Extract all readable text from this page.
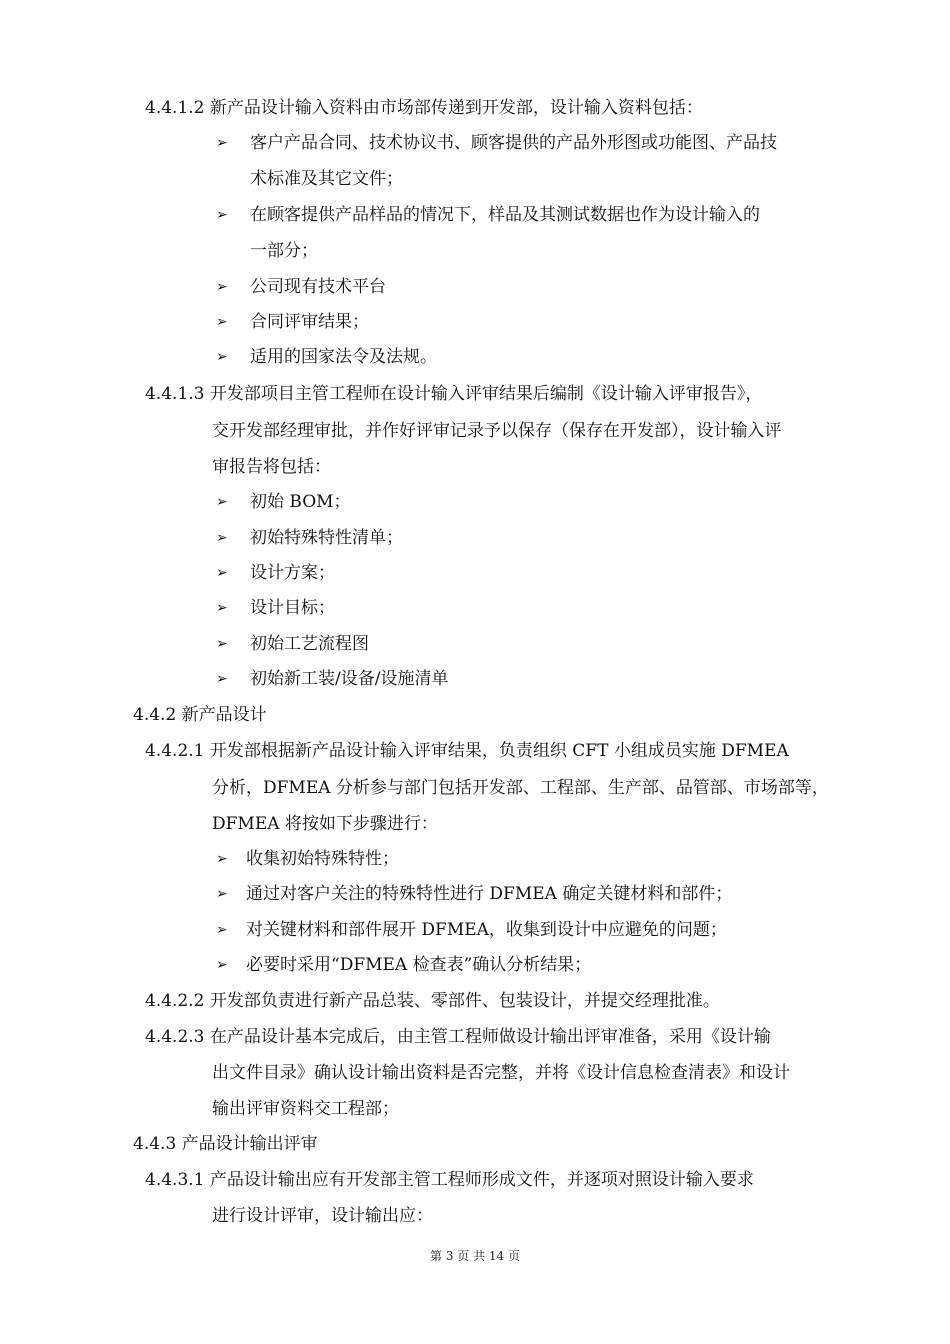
4.4.1.2 新产品设计输入资料由市场部传递到开发部，设计输入资料包括：
➢ 客户产品合同、技术协议书、顾客提供的产品外形图或功能图、产品技
术标准及其它文件；
➢ 在顾客提供产品样品的情况下，样品及其测试数据也作为设计输入的
一部分；
➢ 公司现有技术平台
➢ 合同评审结果；
➢ 适用的国家法令及法规。
4.4.1.3 开发部项目主管工程师在设计输入评审结果后编制《设计输入评审报告》，
交开发部经理审批，并作好评审记录予以保存（保存在开发部），设计输入评
审报告将包括：
➢ 初始 BOM；
➢ 初始特殊特性清单；
➢ 设计方案；
➢ 设计目标；
➢ 初始工艺流程图
➢ 初始新工装/设备/设施清单
4.4.2 新产品设计
4.4.2.1 开发部根据新产品设计输入评审结果，负责组织 CFT 小组成员实施 DFMEA
分析，DFMEA 分析参与部门包括开发部、工程部、生产部、品管部、市场部等，
DFMEA 将按如下步骤进行：
➢ 收集初始特殊特性；
➢ 通过对客户关注的特殊特性进行 DFMEA 确定关键材料和部件；
➢ 对关键材料和部件展开 DFMEA，收集到设计中应避免的问题；
➢ 必要时采用“DFMEA 检查表”确认分析结果；
4.4.2.2 开发部负责进行新产品总装、零部件、包装设计，并提交经理批准。
4.4.2.3 在产品设计基本完成后，由主管工程师做设计输出评审准备，采用《设计输
出文件目录》确认设计输出资料是否完整，并将《设计信息检查清表》和设计
输出评审资料交工程部；
4.4.3 产品设计输出评审
4.4.3.1 产品设计输出应有开发部主管工程师形成文件，并逐项对照设计输入要求
进行设计评审，设计输出应：
第 3 页 共 14 页
